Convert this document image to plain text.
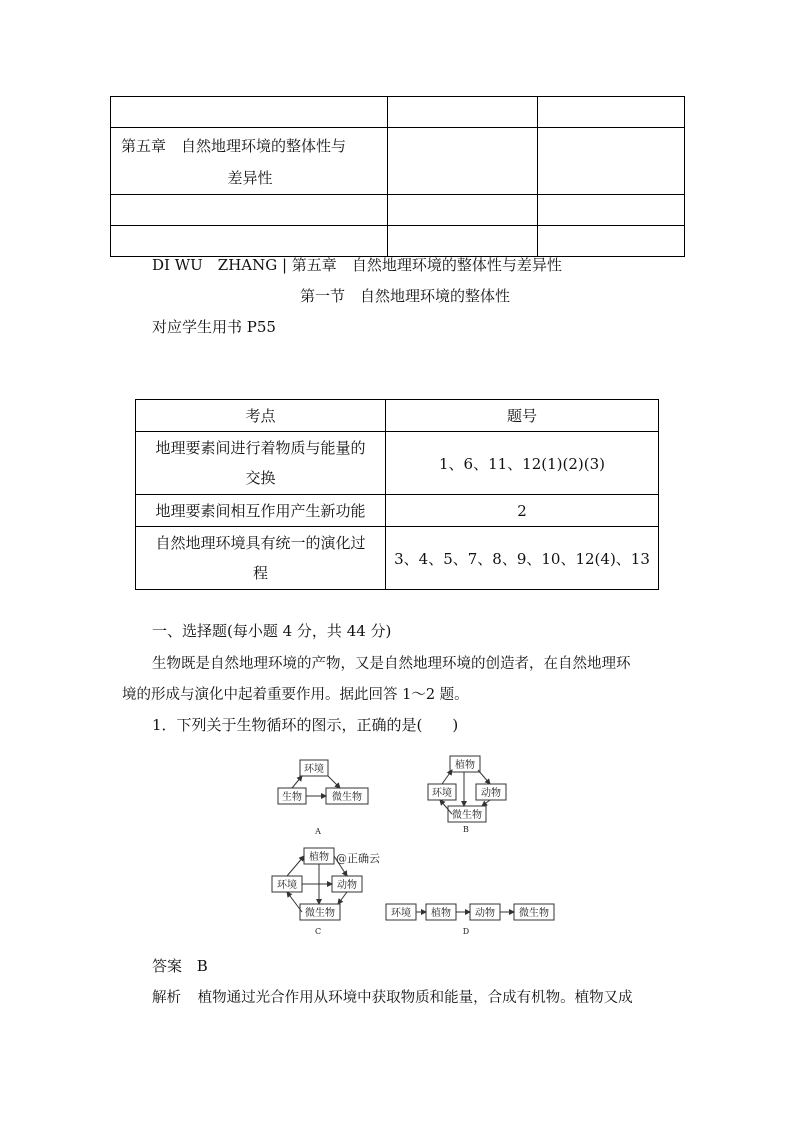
第五章　自然地理环境的整体性与
差异性		

DI WU　ZHANG | 第五章　自然地理环境的整体性与差异性
第一节　自然地理环境的整体性
对应学生用书 P55
考点	题号
地理要素间进行着物质与能量的
交换	1、6、11、12(1)(2)(3)
地理要素间相互作用产生新功能	2
自然地理环境具有统一的演化过
程	3、4、5、7、8、9、10、12(4)、13
一、选择题(每小题 4 分，共 44 分)
生物既是自然地理环境的产物，又是自然地理环境的创造者，在自然地理环
境的形成与演化中起着重要作用。据此回答 1～2 题。
1．下列关于生物循环的图示，正确的是(　　)
环境
生物	微生物
植物
环境	动物
微生物
植物
环境	动物
微生物	环境 植物 动物 微生物
A	B
C	D
@正确云
答案 B
解析 植物通过光合作用从环境中获取物质和能量，合成有机物。植物又成
